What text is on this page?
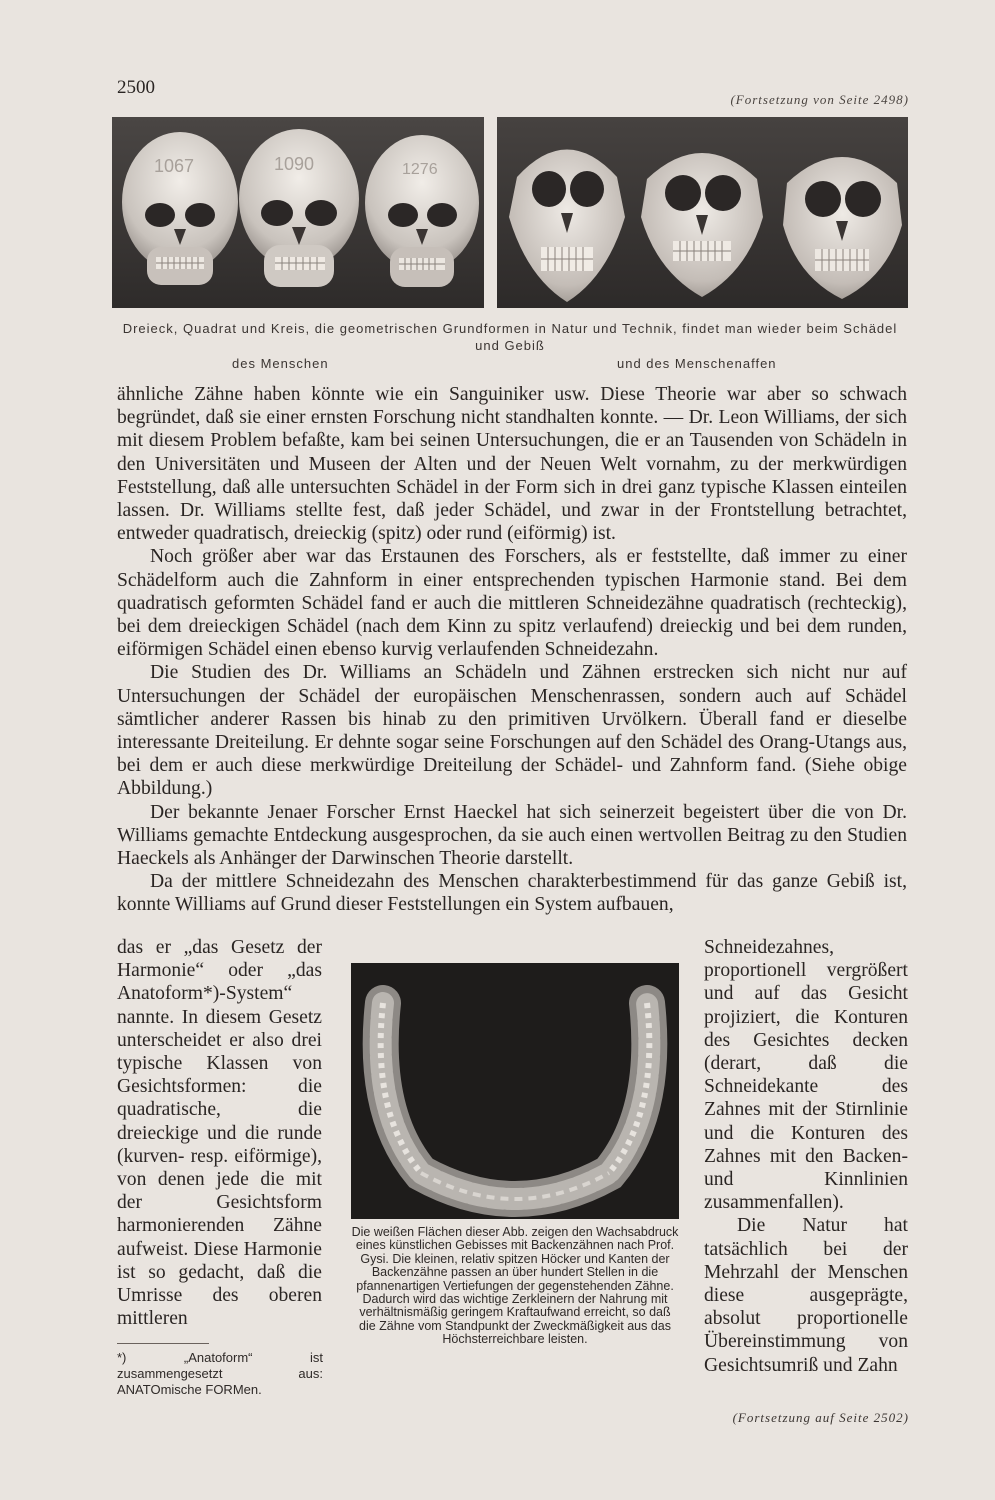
2500
(Fortsetzung von Seite 2498)
1067	1090	1276
Dreieck, Quadrat und Kreis, die geometrischen Grundformen in Natur und Technik, findet man wieder beim Schädel und Gebiß
des Menschen	und des Menschenaffen

ähnliche Zähne haben könnte wie ein Sanguiniker usw. Diese Theorie war aber so schwach begründet, daß sie einer ernsten Forschung nicht standhalten konnte. — Dr. Leon Williams, der sich mit diesem Problem befaßte, kam bei seinen Untersuchungen, die er an Tausenden von Schädeln in den Universitäten und Museen der Alten und der Neuen Welt vornahm, zu der merkwürdigen Feststellung, daß alle untersuchten Schädel in der Form sich in drei ganz typische Klassen einteilen lassen. Dr. Williams stellte fest, daß jeder Schädel, und zwar in der Frontstellung betrachtet, entweder quadratisch, dreieckig (spitz) oder rund (eiförmig) ist.

Noch größer aber war das Erstaunen des Forschers, als er feststellte, daß immer zu einer Schädelform auch die Zahnform in einer entsprechenden typischen Harmonie stand. Bei dem quadratisch geformten Schädel fand er auch die mittleren Schneidezähne quadratisch (rechteckig), bei dem dreieckigen Schädel (nach dem Kinn zu spitz verlaufend) dreieckig und bei dem runden, eiförmigen Schädel einen ebenso kurvig verlaufenden Schneidezahn.

Die Studien des Dr. Williams an Schädeln und Zähnen erstrecken sich nicht nur auf Untersuchungen der Schädel der europäischen Menschenrassen, sondern auch auf Schädel sämtlicher anderer Rassen bis hinab zu den primitiven Urvölkern. Überall fand er dieselbe interessante Dreiteilung. Er dehnte sogar seine Forschungen auf den Schädel des Orang-Utangs aus, bei dem er auch diese merkwürdige Dreiteilung der Schädel- und Zahnform fand. (Siehe obige Abbildung.)

Der bekannte Jenaer Forscher Ernst Haeckel hat sich seinerzeit begeistert über die von Dr. Williams gemachte Entdeckung ausgesprochen, da sie auch einen wertvollen Beitrag zu den Studien Haeckels als Anhänger der Darwinschen Theorie darstellt.

Da der mittlere Schneidezahn des Menschen charakterbestimmend für das ganze Gebiß ist, konnte Williams auf Grund dieser Feststellungen ein System aufbauen,

das er „das Gesetz der Harmonie“ oder „das Anatoform*)-System“ nannte. In diesem Gesetz unterscheidet er also drei typische Klassen von Gesichtsformen: die quadratische, die dreieckige und die runde (kurven- resp. eiförmige), von denen jede die mit der Gesichtsform harmonierenden Zähne aufweist. Diese Harmonie ist so gedacht, daß die Umrisse des oberen mittleren
Die weißen Flächen dieser Abb. zeigen den Wachsabdruck eines künstlichen Gebisses mit Backenzähnen nach Prof. Gysi. Die kleinen, relativ spitzen Höcker und Kanten der Backenzähne passen an über hundert Stellen in die pfannenartigen Vertiefungen der gegenstehenden Zähne. Dadurch wird das wichtige Zerkleinern der Nahrung mit verhältnismäßig geringem Kraftaufwand erreicht, so daß die Zähne vom Standpunkt der Zweckmäßigkeit aus das Höchsterreichbare leisten.

Schneidezahnes, proportionell vergrößert und auf das Gesicht projiziert, die Konturen des Gesichtes decken (derart, daß die Schneidekante des Zahnes mit der Stirnlinie und die Konturen des Zahnes mit den Backen- und Kinnlinien zusammenfallen).

Die Natur hat tatsächlich bei der Mehrzahl der Menschen diese ausgeprägte, absolut proportionelle Übereinstimmung von Gesichtsumriß und Zahn

*) „Anatoform“ ist zusammengesetzt aus: ANATOmische FORMen.
(Fortsetzung auf Seite 2502)
